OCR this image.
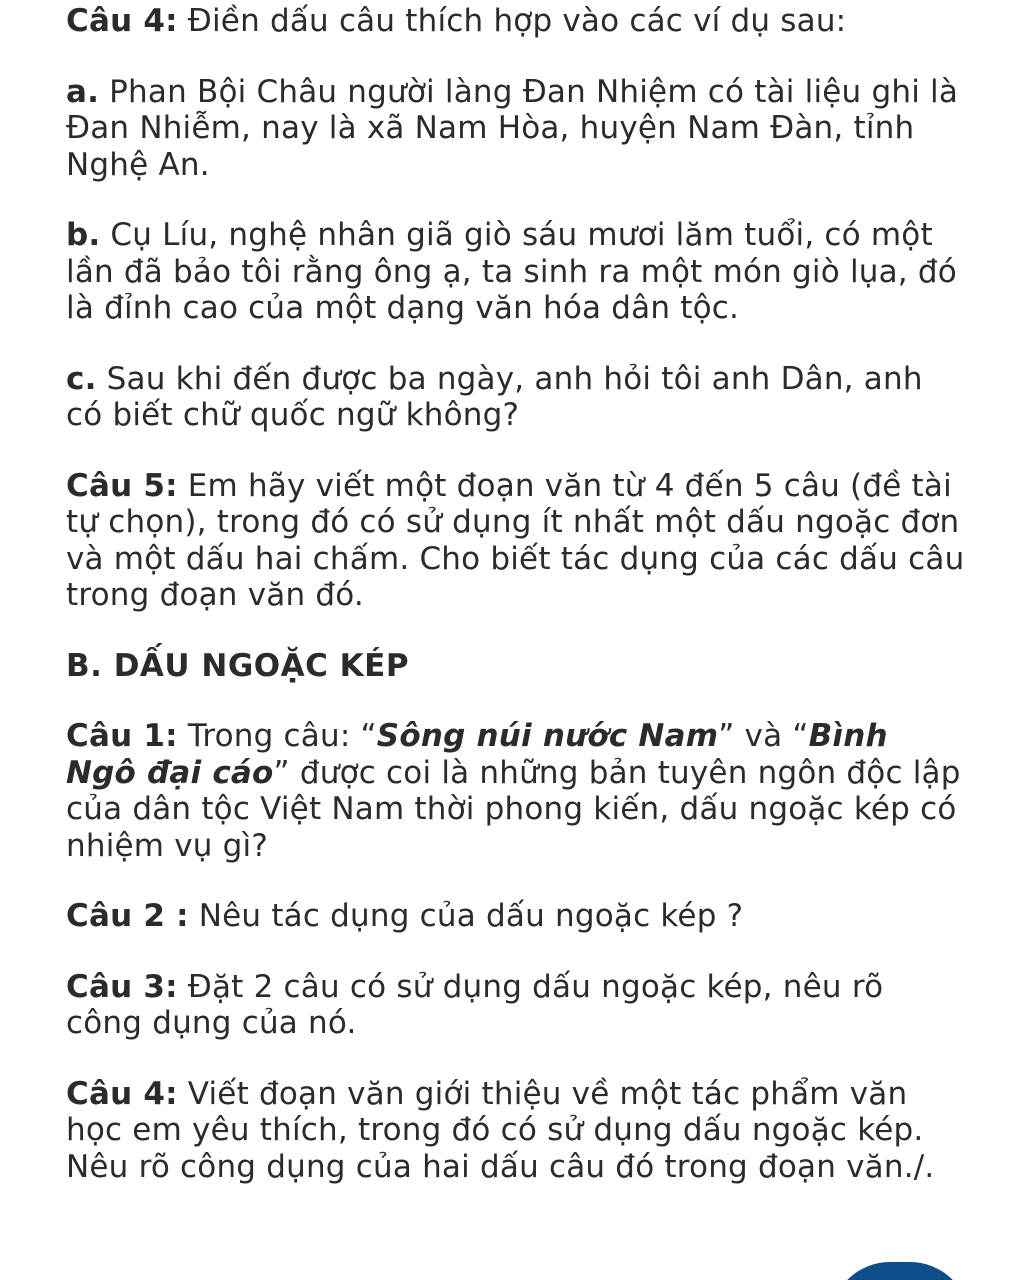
Câu 4: Điền dấu câu thích hợp vào các ví dụ sau:

a. Phan Bội Châu người làng Đan Nhiệm có tài liệu ghi là Đan Nhiễm, nay là xã Nam Hòa, huyện Nam Đàn, tỉnh Nghệ An.

b. Cụ Líu, nghệ nhân giã giò sáu mươi lăm tuổi, có một lần đã bảo tôi rằng ông ạ, ta sinh ra một món giò lụa, đó là đỉnh cao của một dạng văn hóa dân tộc.

c. Sau khi đến được ba ngày, anh hỏi tôi anh Dân, anh có biết chữ quốc ngữ không?

Câu 5: Em hãy viết một đoạn văn từ 4 đến 5 câu (đề tài tự chọn), trong đó có sử dụng ít nhất một dấu ngoặc đơn và một dấu hai chấm. Cho biết tác dụng của các dấu câu trong đoạn văn đó.

B. DẤU NGOẶC KÉP

Câu 1: Trong câu: “Sông núi nước Nam” và “Bình Ngô đại cáo” được coi là những bản tuyên ngôn độc lập của dân tộc Việt Nam thời phong kiến, dấu ngoặc kép có nhiệm vụ gì?

Câu 2 : Nêu tác dụng của dấu ngoặc kép ?

Câu 3: Đặt 2 câu có sử dụng dấu ngoặc kép, nêu rõ công dụng của nó.

Câu 4: Viết đoạn văn giới thiệu về một tác phẩm văn học em yêu thích, trong đó có sử dụng dấu ngoặc kép. Nêu rõ công dụng của hai dấu câu đó trong đoạn văn./.
